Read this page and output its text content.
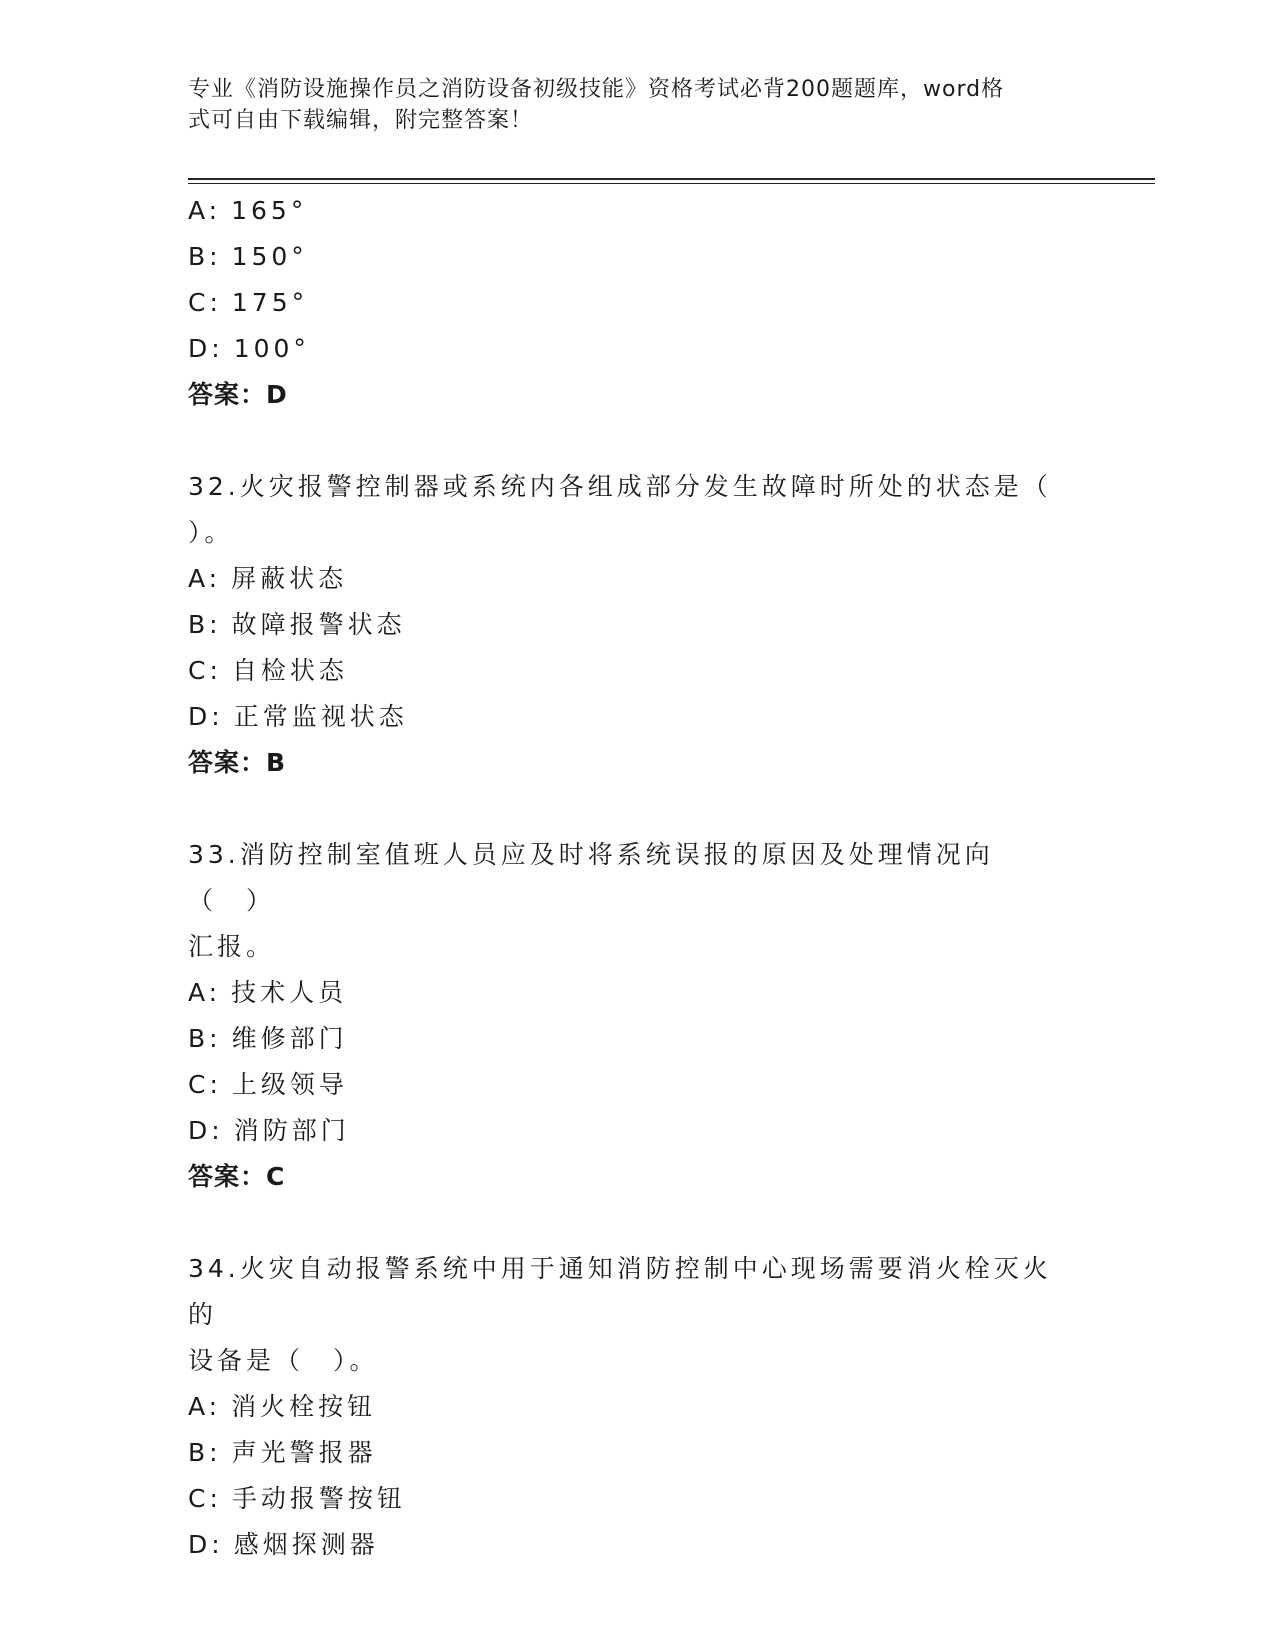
专业《消防设施操作员之消防设备初级技能》资格考试必背200题题库，word格
式可自由下载编辑，附完整答案！
A: 165°
B: 150°
C: 175°
D: 100°
答案：D
32.火灾报警控制器或系统内各组成部分发生故障时所处的状态是（
）。
A: 屏蔽状态
B: 故障报警状态
C: 自检状态
D: 正常监视状态
答案：B
33.消防控制室值班人员应及时将系统误报的原因及处理情况向（　）
汇报。
A: 技术人员
B: 维修部门
C: 上级领导
D: 消防部门
答案：C
34.火灾自动报警系统中用于通知消防控制中心现场需要消火栓灭火的
设备是（　）。
A: 消火栓按钮
B: 声光警报器
C: 手动报警按钮
D: 感烟探测器
